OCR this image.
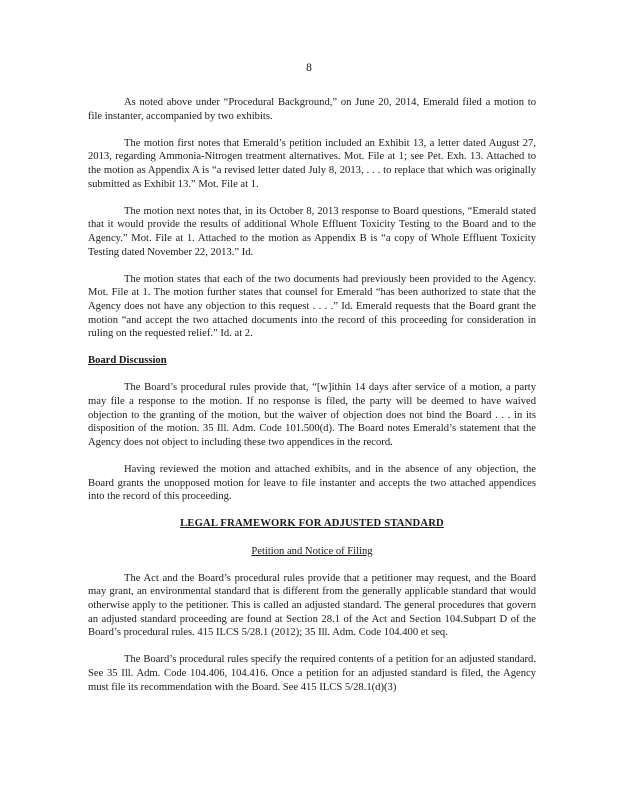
8

As noted above under “Procedural Background,” on June 20, 2014, Emerald filed a motion to file instanter, accompanied by two exhibits.

The motion first notes that Emerald’s petition included an Exhibit 13, a letter dated August 27, 2013, regarding Ammonia-Nitrogen treatment alternatives. Mot. File at 1; see Pet. Exh. 13. Attached to the motion as Appendix A is “a revised letter dated July 8, 2013, . . . to replace that which was originally submitted as Exhibit 13.” Mot. File at 1.

The motion next notes that, in its October 8, 2013 response to Board questions, “Emerald stated that it would provide the results of additional Whole Effluent Toxicity Testing to the Board and to the Agency.” Mot. File at 1. Attached to the motion as Appendix B is “a copy of Whole Effluent Toxicity Testing dated November 22, 2013.” Id.

The motion states that each of the two documents had previously been provided to the Agency. Mot. File at 1. The motion further states that counsel for Emerald “has been authorized to state that the Agency does not have any objection to this request . . . .” Id. Emerald requests that the Board grant the motion “and accept the two attached documents into the record of this proceeding for consideration in ruling on the requested relief.” Id. at 2.

Board Discussion

The Board’s procedural rules provide that, “[w]ithin 14 days after service of a motion, a party may file a response to the motion. If no response is filed, the party will be deemed to have waived objection to the granting of the motion, but the waiver of objection does not bind the Board . . . in its disposition of the motion. 35 Ill. Adm. Code 101.500(d). The Board notes Emerald’s statement that the Agency does not object to including these two appendices in the record.

Having reviewed the motion and attached exhibits, and in the absence of any objection, the Board grants the unopposed motion for leave to file instanter and accepts the two attached appendices into the record of this proceeding.

LEGAL FRAMEWORK FOR ADJUSTED STANDARD
Petition and Notice of Filing

The Act and the Board’s procedural rules provide that a petitioner may request, and the Board may grant, an environmental standard that is different from the generally applicable standard that would otherwise apply to the petitioner. This is called an adjusted standard. The general procedures that govern an adjusted standard proceeding are found at Section 28.1 of the Act and Section 104.Subpart D of the Board’s procedural rules. 415 ILCS 5/28.1 (2012); 35 Ill. Adm. Code 104.400 et seq.

The Board’s procedural rules specify the required contents of a petition for an adjusted standard. See 35 Ill. Adm. Code 104.406, 104.416. Once a petition for an adjusted standard is filed, the Agency must file its recommendation with the Board. See 415 ILCS 5/28.1(d)(3)
